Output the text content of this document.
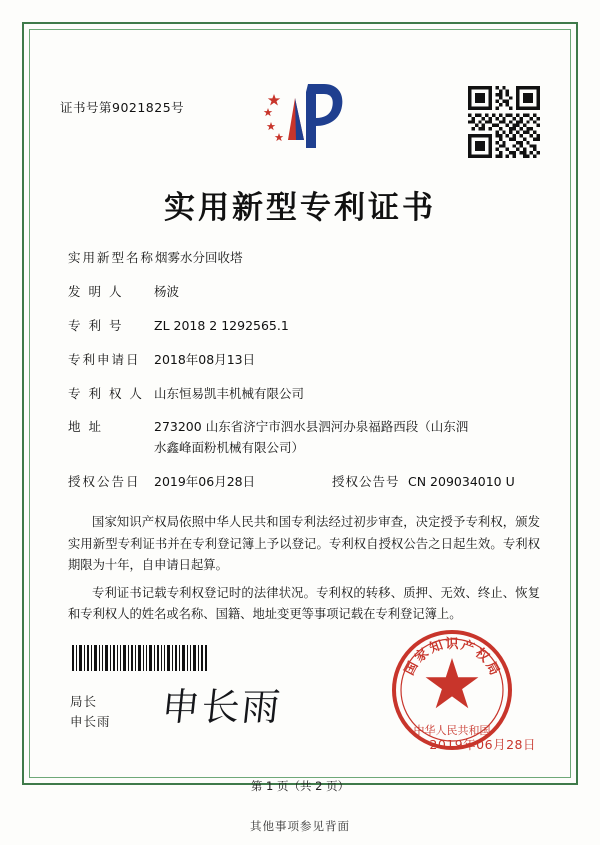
证书号第9021825号
实用新型专利证书
实用新型名称 烟雾水分回收塔
发 明 人	杨波
专 利 号	ZL 2018 2 1292565.1
专利申请日	2018年08月13日
专 利 权 人 山东恒易凯丰机械有限公司
地 址	273200 山东省济宁市泗水县泗河办泉福路西段（山东泗
水鑫峰面粉机械有限公司）
授权公告日	2019年06月28日	授权公告号 CN 209034010 U

国家知识产权局依照中华人民共和国专利法经过初步审查，决定授予专利权，颁发实用新型专利证书并在专利登记簿上予以登记。专利权自授权公告之日起生效。专利权期限为十年，自申请日起算。

专利证书记载专利权登记时的法律状况。专利权的转移、质押、无效、终止、恢复和专利权人的姓名或名称、国籍、地址变更等事项记载在专利登记簿上。

局长
申长雨 申长雨
国
家
知 识 产
权
局
中华人民共和国
2019年06月28日
第 1 页（共 2 页）
其他事项参见背面
